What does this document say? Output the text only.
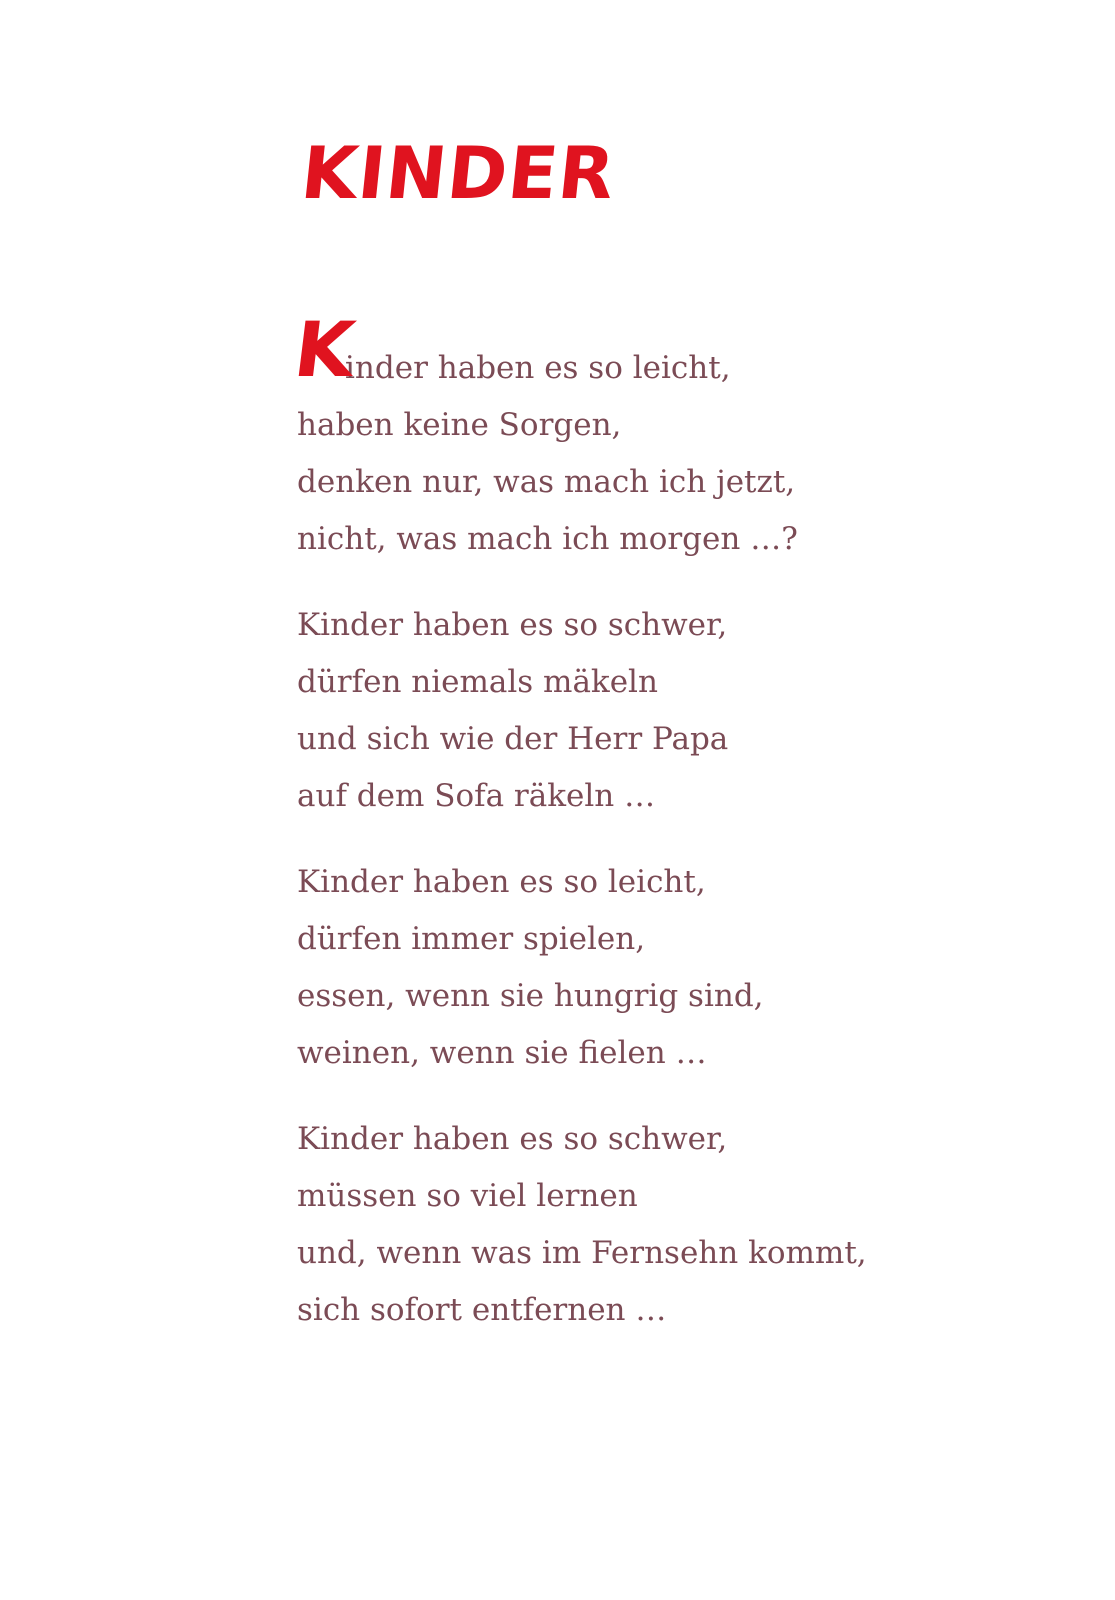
KINDER

K
inder haben es so leicht,
haben keine Sorgen,
denken nur, was mach ich jetzt,
nicht, was mach ich morgen …?

Kinder haben es so schwer,
dürfen niemals mäkeln
und sich wie der Herr Papa
auf dem Sofa räkeln …

Kinder haben es so leicht,
dürfen immer spielen,
essen, wenn sie hungrig sind,
weinen, wenn sie fielen …

Kinder haben es so schwer,
müssen so viel lernen
und, wenn was im Fernsehn kommt,
sich sofort entfernen …
